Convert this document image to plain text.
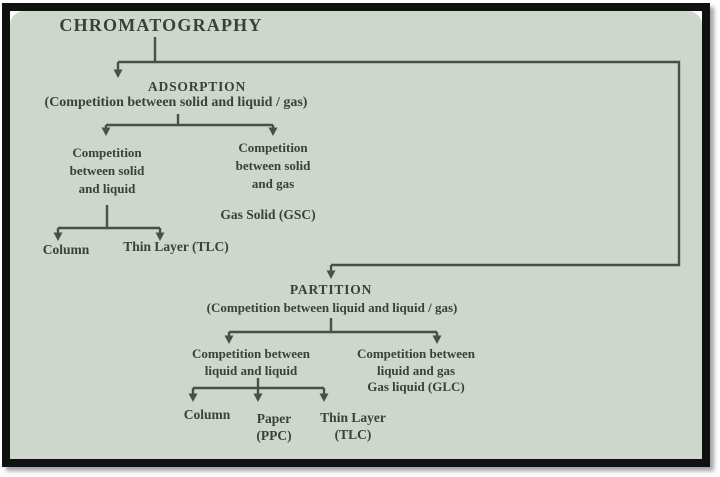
CHROMATOGRAPHY
ADSORPTION
(Competition between solid and liquid / gas)
Competition
between solid
and liquid
Competition
between solid
and gas
Gas Solid (GSC)
Column	Thin Layer (TLC)
PARTITION
(Competition between liquid and liquid / gas)
Competition between
liquid and liquid
Competition between
liquid and gas
Gas liquid (GLC)
Column Paper
(PPC)
Thin Layer
(TLC)
